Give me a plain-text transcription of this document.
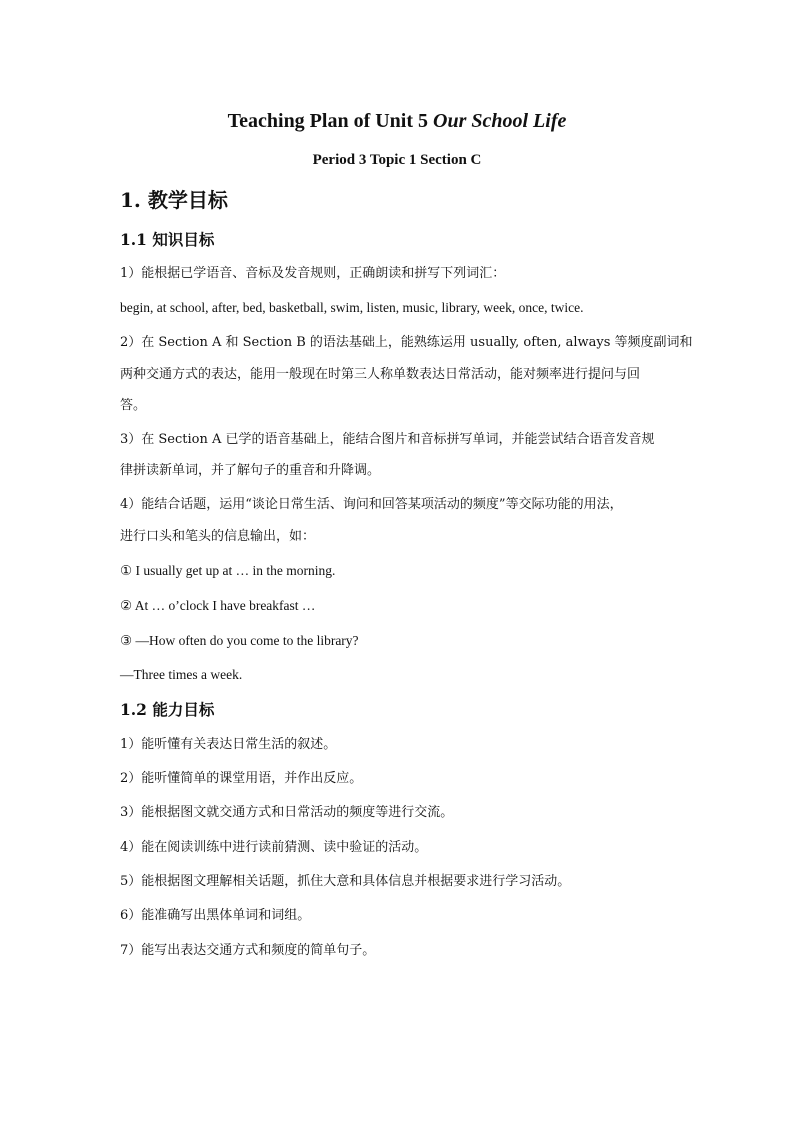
Teaching Plan of Unit 5 Our School Life
Period 3 Topic 1 Section C
1. 教学目标
1.1 知识目标
1）能根据已学语音、音标及发音规则，正确朗读和拼写下列词汇：
begin, at school, after, bed, basketball, swim, listen, music, library, week, once, twice.
2）在 Section A 和 Section B 的语法基础上，能熟练运用 usually, often, always 等频度副词和
两种交通方式的表达，能用一般现在时第三人称单数表达日常活动，能对频率进行提问与回
答。
3）在 Section A 已学的语音基础上，能结合图片和音标拼写单词，并能尝试结合语音发音规
律拼读新单词，并了解句子的重音和升降调。
4）能结合话题，运用“谈论日常生活、询问和回答某项活动的频度”等交际功能的用法，
进行口头和笔头的信息输出，如：
① I usually get up at … in the morning.
② At … o’clock I have breakfast …
③ —How often do you come to the library?
—Three times a week.
1.2 能力目标
1）能听懂有关表达日常生活的叙述。
2）能听懂简单的课堂用语，并作出反应。
3）能根据图文就交通方式和日常活动的频度等进行交流。
4）能在阅读训练中进行读前猜测、读中验证的活动。
5）能根据图文理解相关话题，抓住大意和具体信息并根据要求进行学习活动。
6）能准确写出黑体单词和词组。
7）能写出表达交通方式和频度的简单句子。
